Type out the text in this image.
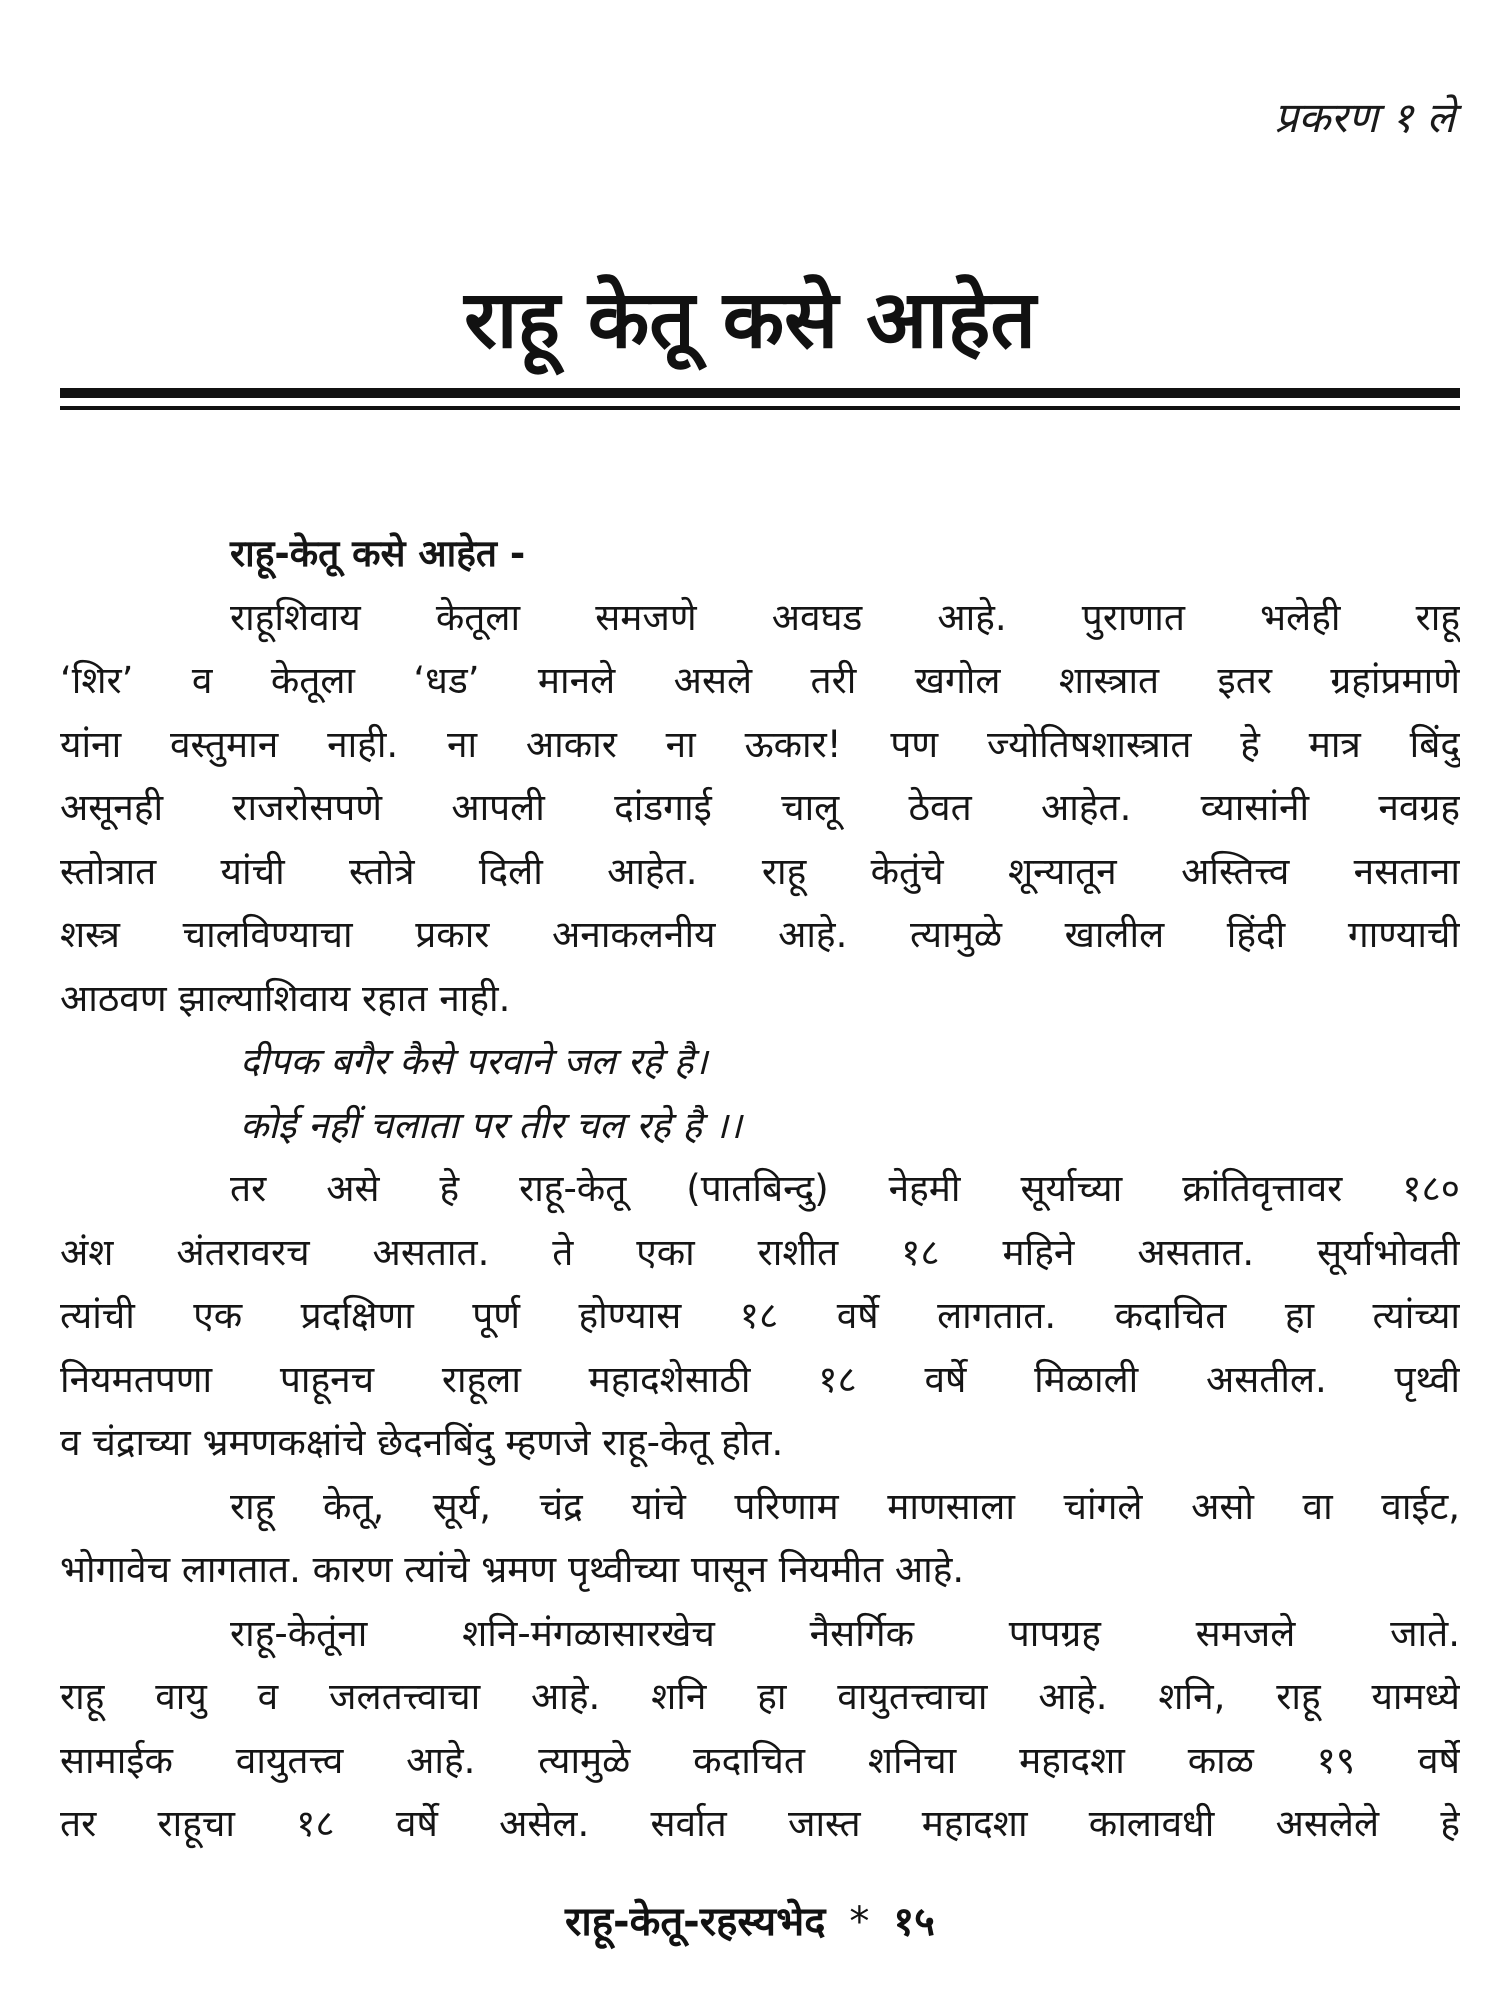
प्रकरण १ ले
राहू केतू कसे आहेत
राहू-केतू कसे आहेत -
राहूशिवाय केतूला समजणे अवघड आहे. पुराणात भलेही राहू
‘शिर’ व केतूला ‘धड’ मानले असले तरी खगोल शास्त्रात इतर ग्रहांप्रमाणे
यांना वस्तुमान नाही. ना आकार ना ऊकार! पण ज्योतिषशास्त्रात हे मात्र बिंदु
असूनही राजरोसपणे आपली दांडगाई चालू ठेवत आहेत. व्यासांनी नवग्रह
स्तोत्रात यांची स्तोत्रे दिली आहेत. राहू केतुंचे शून्यातून अस्तित्त्व नसताना
शस्त्र चालविण्याचा प्रकार अनाकलनीय आहे. त्यामुळे खालील हिंदी गाण्याची
आठवण झाल्याशिवाय रहात नाही.
दीपक बगैर कैसे परवाने जल रहे है।
कोई नहीं चलाता पर तीर चल रहे है ।।
तर असे हे राहू-केतू (पातबिन्दु) नेहमी सूर्याच्या क्रांतिवृत्तावर १८०
अंश अंतरावरच असतात. ते एका राशीत १८ महिने असतात. सूर्याभोवती
त्यांची एक प्रदक्षिणा पूर्ण होण्यास १८ वर्षे लागतात. कदाचित हा त्यांच्या
नियमतपणा पाहूनच राहूला महादशेसाठी १८ वर्षे मिळाली असतील. पृथ्वी
व चंद्राच्या भ्रमणकक्षांचे छेदनबिंदु म्हणजे राहू-केतू होत.
राहू केतू, सूर्य, चंद्र यांचे परिणाम माणसाला चांगले असो वा वाईट,
भोगावेच लागतात. कारण त्यांचे भ्रमण पृथ्वीच्या पासून नियमीत आहे.
राहू-केतूंना शनि-मंगळासारखेच नैसर्गिक पापग्रह समजले जाते.
राहू वायु व जलतत्त्वाचा आहे. शनि हा वायुतत्त्वाचा आहे. शनि, राहू यामध्ये
सामाईक वायुतत्त्व आहे. त्यामुळे कदाचित शनिचा महादशा काळ १९ वर्षे
तर राहूचा १८ वर्षे असेल. सर्वात जास्त महादशा कालावधी असलेले हे
राहू-केतू-रहस्यभेद * १५
